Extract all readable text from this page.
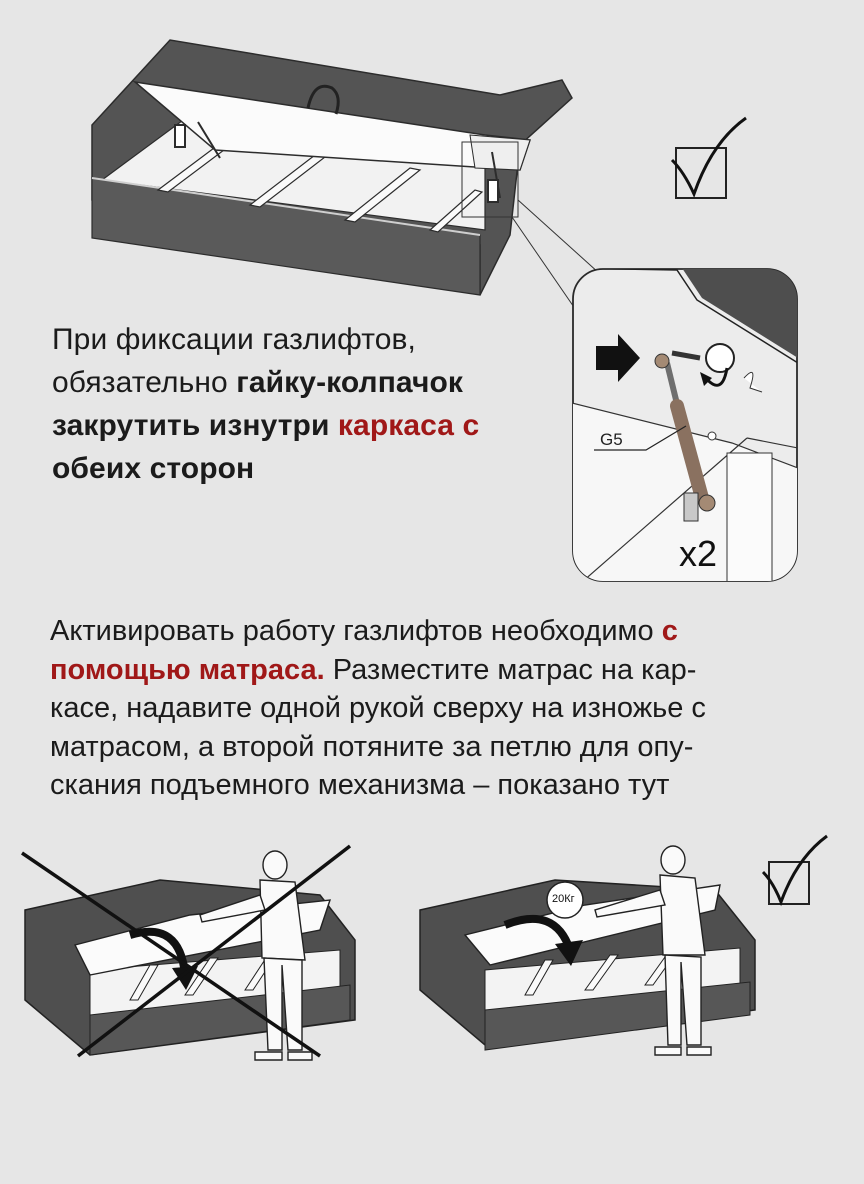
При фиксации газлифтов,
обязательно гайку-колпачок
закрутить изнутри каркаса с
обеих сторон
G5
x2
Активировать работу газлифтов необходимо с
помощью матраса. Разместите матрас на кар-
касе, надавите одной рукой сверху на изножье с
матрасом, а второй потяните за петлю для опу-
скания подъемного механизма – показано тут
20Кг
